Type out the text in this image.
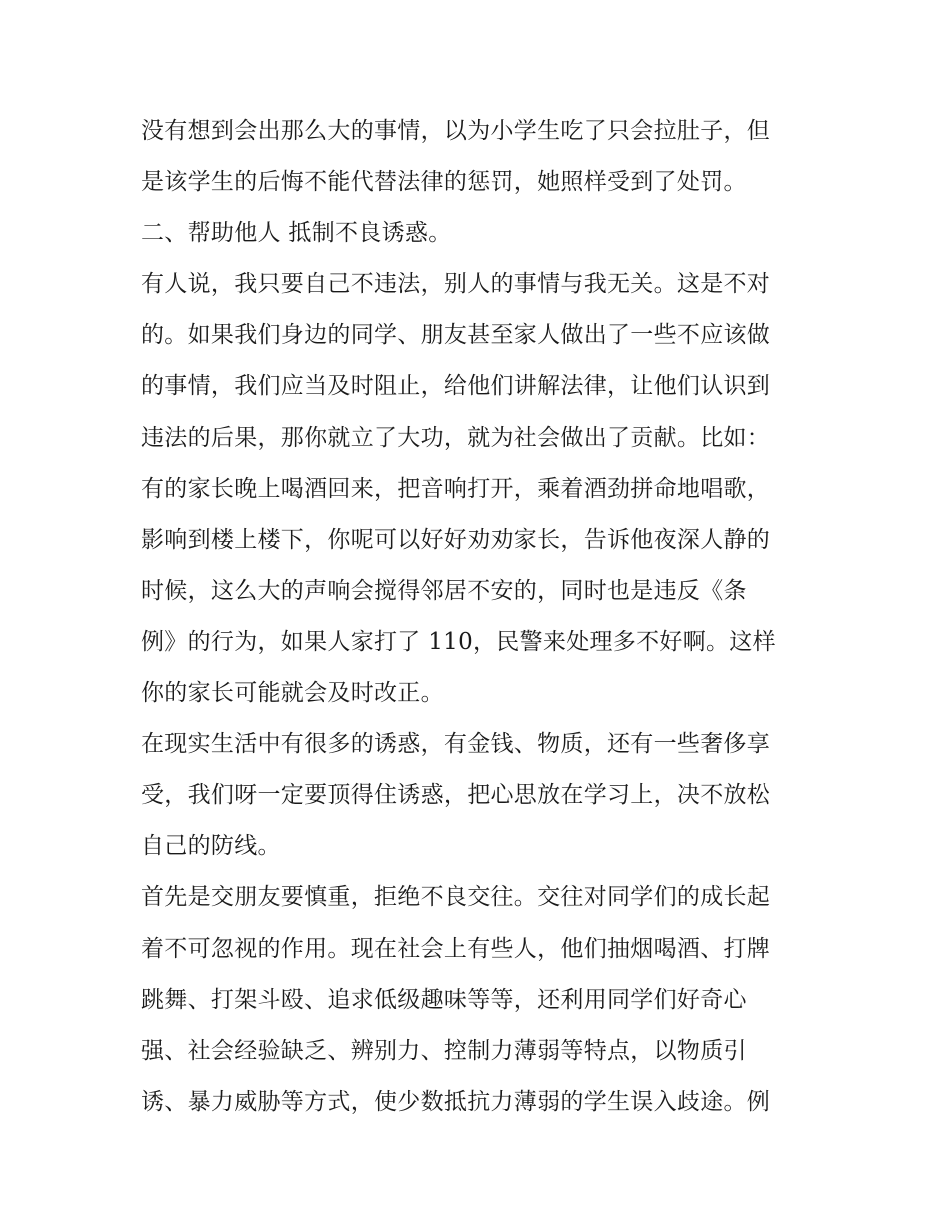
没有想到会出那么大的事情，以为小学生吃了只会拉肚子，但
是该学生的后悔不能代替法律的惩罚，她照样受到了处罚。
二、帮助他人 抵制不良诱惑。
有人说，我只要自己不违法，别人的事情与我无关。这是不对
的。如果我们身边的同学、朋友甚至家人做出了一些不应该做
的事情，我们应当及时阻止，给他们讲解法律，让他们认识到
违法的后果，那你就立了大功，就为社会做出了贡献。比如：
有的家长晚上喝酒回来，把音响打开，乘着酒劲拼命地唱歌，
影响到楼上楼下，你呢可以好好劝劝家长，告诉他夜深人静的
时候，这么大的声响会搅得邻居不安的，同时也是违反《条
例》的行为，如果人家打了 110，民警来处理多不好啊。这样
你的家长可能就会及时改正。
在现实生活中有很多的诱惑，有金钱、物质，还有一些奢侈享
受，我们呀一定要顶得住诱惑，把心思放在学习上，决不放松
自己的防线。
首先是交朋友要慎重，拒绝不良交往。交往对同学们的成长起
着不可忽视的作用。现在社会上有些人，他们抽烟喝酒、打牌
跳舞、打架斗殴、追求低级趣味等等，还利用同学们好奇心
强、社会经验缺乏、辨别力、控制力薄弱等特点，以物质引
诱、暴力威胁等方式，使少数抵抗力薄弱的学生误入歧途。例
